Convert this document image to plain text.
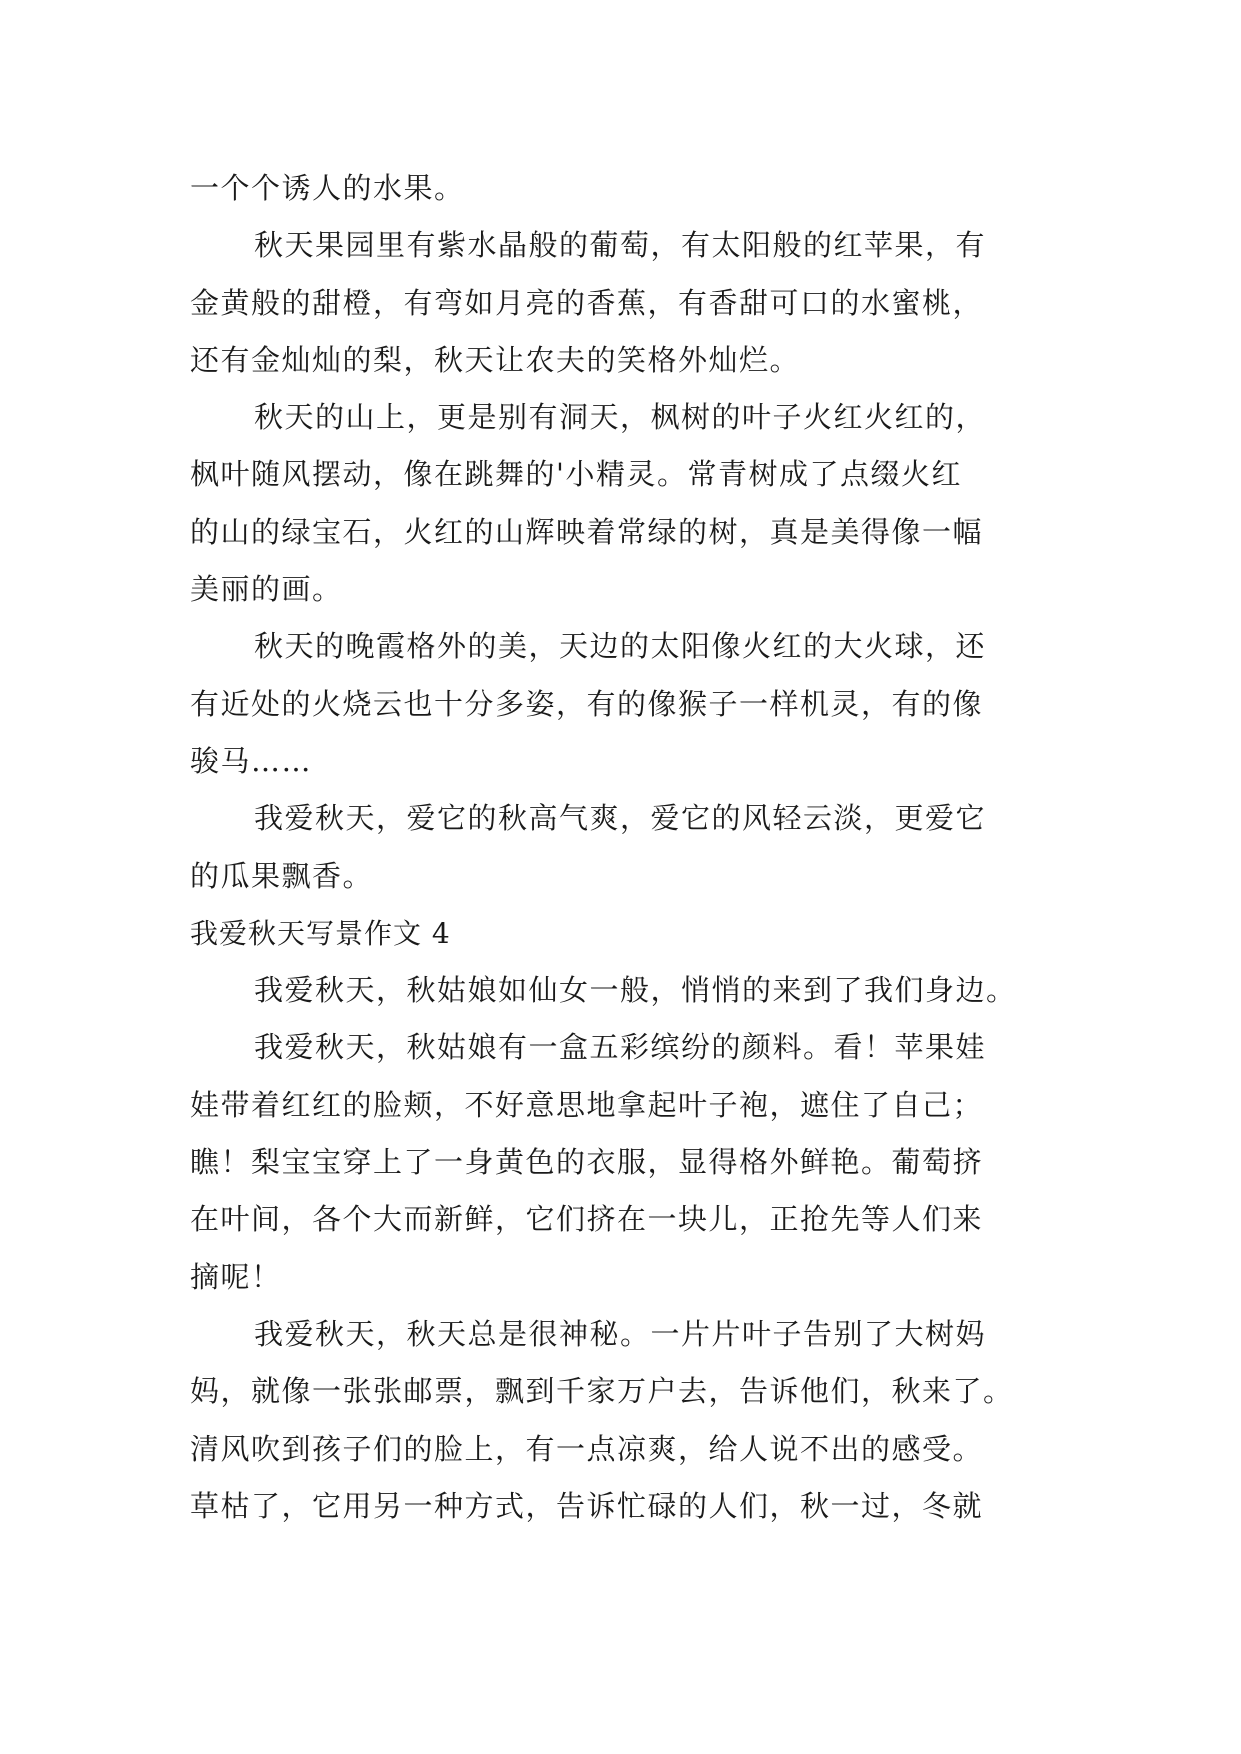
一个个诱人的水果。
秋天果园里有紫水晶般的葡萄，有太阳般的红苹果，有
金黄般的甜橙，有弯如月亮的香蕉，有香甜可口的水蜜桃，
还有金灿灿的梨，秋天让农夫的笑格外灿烂。
秋天的山上，更是别有洞天，枫树的叶子火红火红的，
枫叶随风摆动，像在跳舞的'小精灵。常青树成了点缀火红
的山的绿宝石，火红的山辉映着常绿的树，真是美得像一幅
美丽的画。
秋天的晚霞格外的美，天边的太阳像火红的大火球，还
有近处的火烧云也十分多姿，有的像猴子一样机灵，有的像
骏马……
我爱秋天，爱它的秋高气爽，爱它的风轻云淡，更爱它
的瓜果飘香。
我爱秋天写景作文 4
我爱秋天，秋姑娘如仙女一般，悄悄的来到了我们身边。
我爱秋天，秋姑娘有一盒五彩缤纷的颜料。看！苹果娃
娃带着红红的脸颊，不好意思地拿起叶子袍，遮住了自己；
瞧！梨宝宝穿上了一身黄色的衣服，显得格外鲜艳。葡萄挤
在叶间，各个大而新鲜，它们挤在一块儿，正抢先等人们来
摘呢！
我爱秋天，秋天总是很神秘。一片片叶子告别了大树妈
妈，就像一张张邮票，飘到千家万户去，告诉他们，秋来了。
清风吹到孩子们的脸上，有一点凉爽，给人说不出的感受。
草枯了，它用另一种方式，告诉忙碌的人们，秋一过，冬就
